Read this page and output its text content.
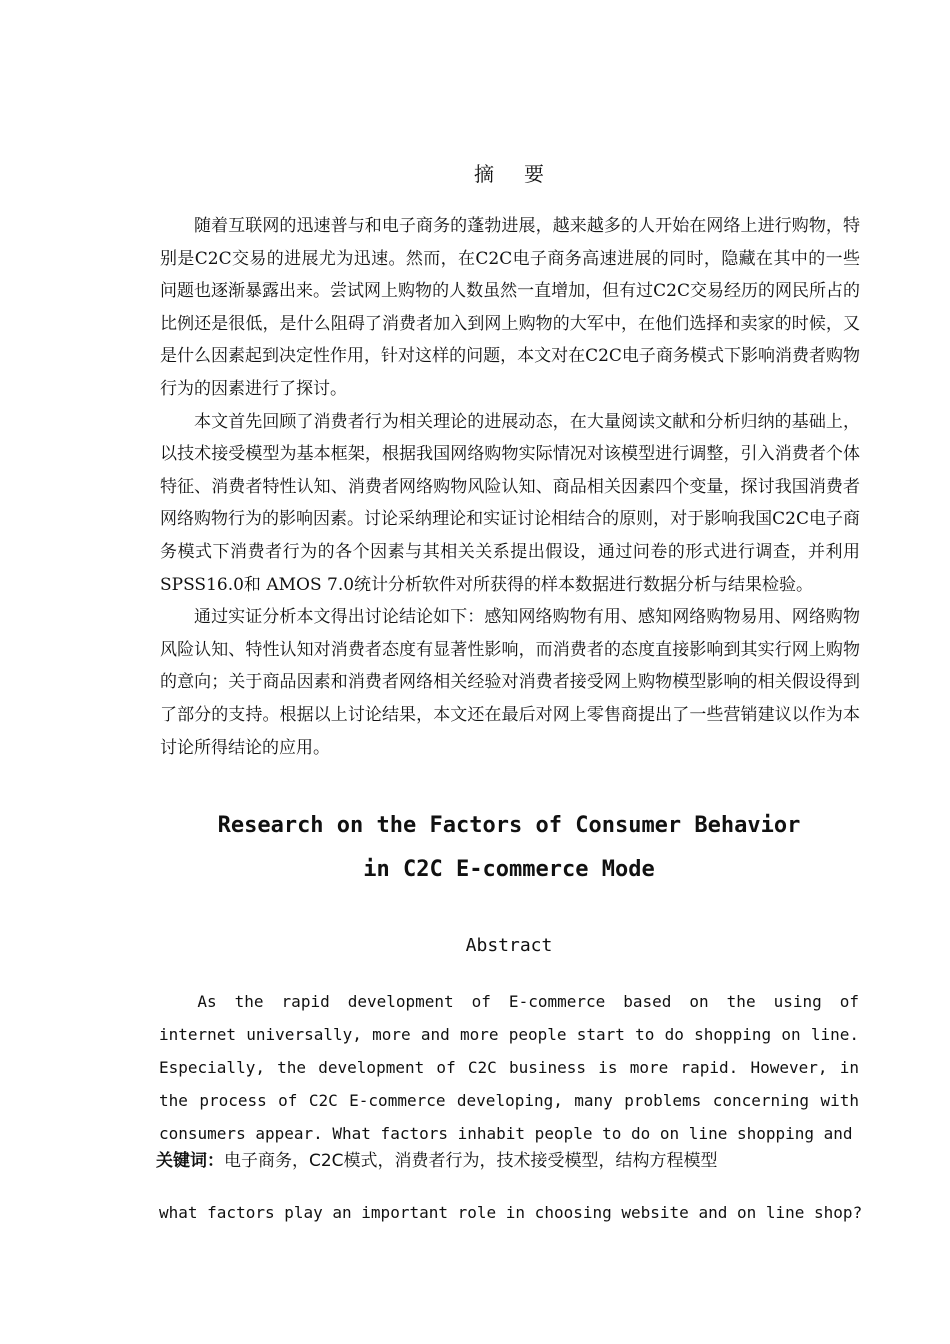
摘要

随着互联网的迅速普与和电子商务的蓬勃进展，越来越多的人开始在网络上进行购物，特别是C2C交易的进展尤为迅速。然而，在C2C电子商务高速进展的同时，隐藏在其中的一些问题也逐渐暴露出来。尝试网上购物的人数虽然一直增加，但有过C2C交易经历的网民所占的比例还是很低，是什么阻碍了消费者加入到网上购物的大军中，在他们选择和卖家的时候，又是什么因素起到决定性作用，针对这样的问题，本文对在C2C电子商务模式下影响消费者购物行为的因素进行了探讨。

本文首先回顾了消费者行为相关理论的进展动态，在大量阅读文献和分析归纳的基础上，以技术接受模型为基本框架，根据我国网络购物实际情况对该模型进行调整，引入消费者个体特征、消费者特性认知、消费者网络购物风险认知、商品相关因素四个变量，探讨我国消费者网络购物行为的影响因素。讨论采纳理论和实证讨论相结合的原则，对于影响我国C2C电子商务模式下消费者行为的各个因素与其相关关系提出假设，通过问卷的形式进行调查，并利用SPSS16.0和 AMOS 7.0统计分析软件对所获得的样本数据进行数据分析与结果检验。

通过实证分析本文得出讨论结论如下：感知网络购物有用、感知网络购物易用、网络购物风险认知、特性认知对消费者态度有显著性影响，而消费者的态度直接影响到其实行网上购物的意向；关于商品因素和消费者网络相关经验对消费者接受网上购物模型影响的相关假设得到了部分的支持。根据以上讨论结果，本文还在最后对网上零售商提出了一些营销建议以作为本讨论所得结论的应用。

Research on the Factors of Consumer Behavior
in C2C E-commerce Mode
Abstract

As the rapid development of E-commerce based on the using of internet universally, more and more people start to do shopping on line. Especially, the development of C2C business is more rapid. However, in the process of C2C E-commerce developing, many problems concerning with consumers appear. What factors inhabit people to do on line shopping and

关键词：电子商务，C2C模式，消费者行为，技术接受模型，结构方程模型
what factors play an important role in choosing website and on line shop?
